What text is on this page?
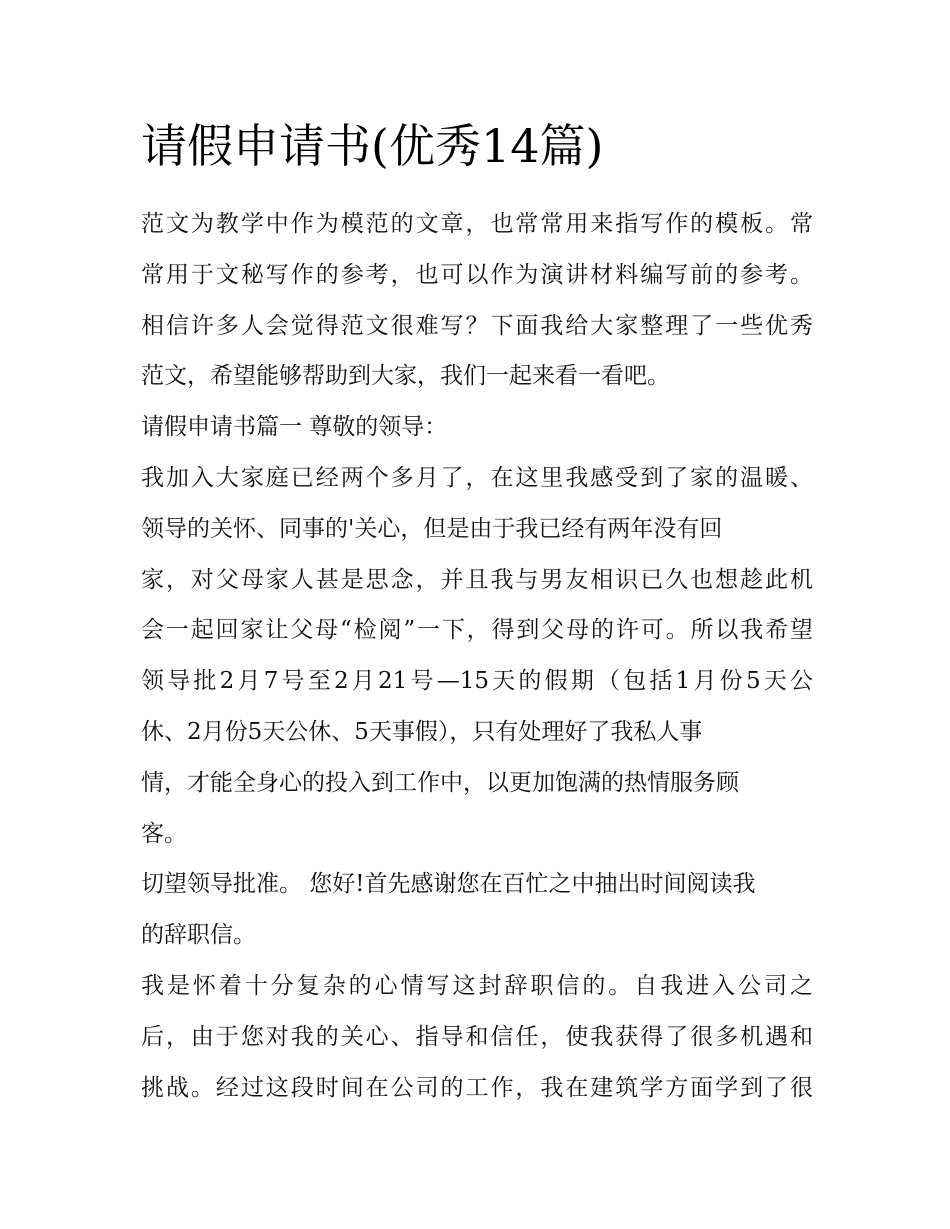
请假申请书(优秀14篇)
范文为教学中作为模范的文章，也常常用来指写作的模板。常
常用于文秘写作的参考，也可以作为演讲材料编写前的参考。
相信许多人会觉得范文很难写？下面我给大家整理了一些优秀
范文，希望能够帮助到大家，我们一起来看一看吧。
请假申请书篇一 尊敬的领导：
我加入大家庭已经两个多月了，在这里我感受到了家的温暖、
领导的关怀、同事的'关心，但是由于我已经有两年没有回
家，对父母家人甚是思念，并且我与男友相识已久也想趁此机
会一起回家让父母“检阅”一下，得到父母的许可。所以我希望
领导批2月7号至2月21号—15天的假期（包括1月份5天公
休、2月份5天公休、5天事假），只有处理好了我私人事
情，才能全身心的投入到工作中，以更加饱满的热情服务顾
客。
切望领导批准。 您好!首先感谢您在百忙之中抽出时间阅读我
的辞职信。
我是怀着十分复杂的心情写这封辞职信的。自我进入公司之
后，由于您对我的关心、指导和信任，使我获得了很多机遇和
挑战。经过这段时间在公司的工作，我在建筑学方面学到了很
